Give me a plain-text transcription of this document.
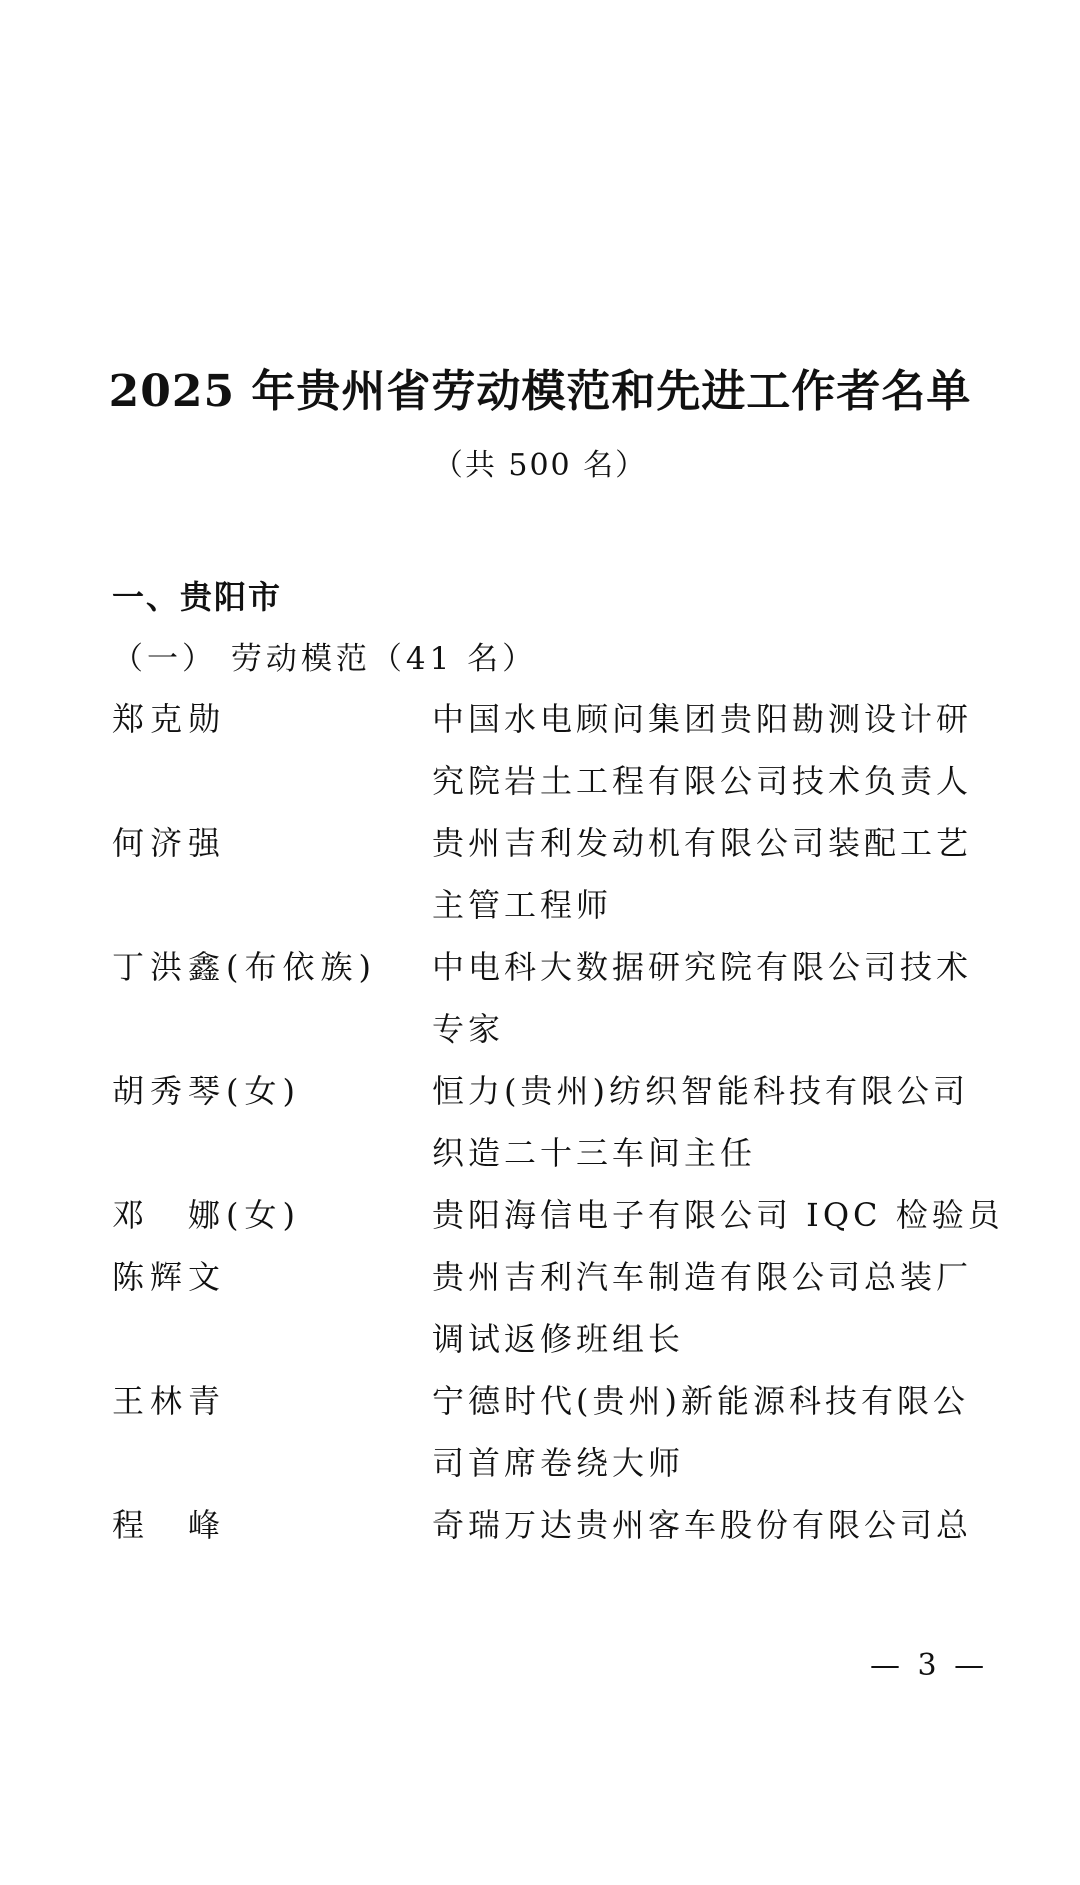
2025 年贵州省劳动模范和先进工作者名单
（共 500 名）
一、贵阳市
（一） 劳动模范（41 名）
郑克勋	中国水电顾问集团贵阳勘测设计研
究院岩土工程有限公司技术负责人
何济强	贵州吉利发动机有限公司装配工艺
主管工程师
丁洪鑫(布依族)	中电科大数据研究院有限公司技术
专家
胡秀琴(女)	恒力(贵州)纺织智能科技有限公司
织造二十三车间主任
邓　娜(女)	贵阳海信电子有限公司 IQC 检验员
陈辉文	贵州吉利汽车制造有限公司总装厂
调试返修班组长
王林青	宁德时代(贵州)新能源科技有限公
司首席卷绕大师
程　峰	奇瑞万达贵州客车股份有限公司总
— 3 —
